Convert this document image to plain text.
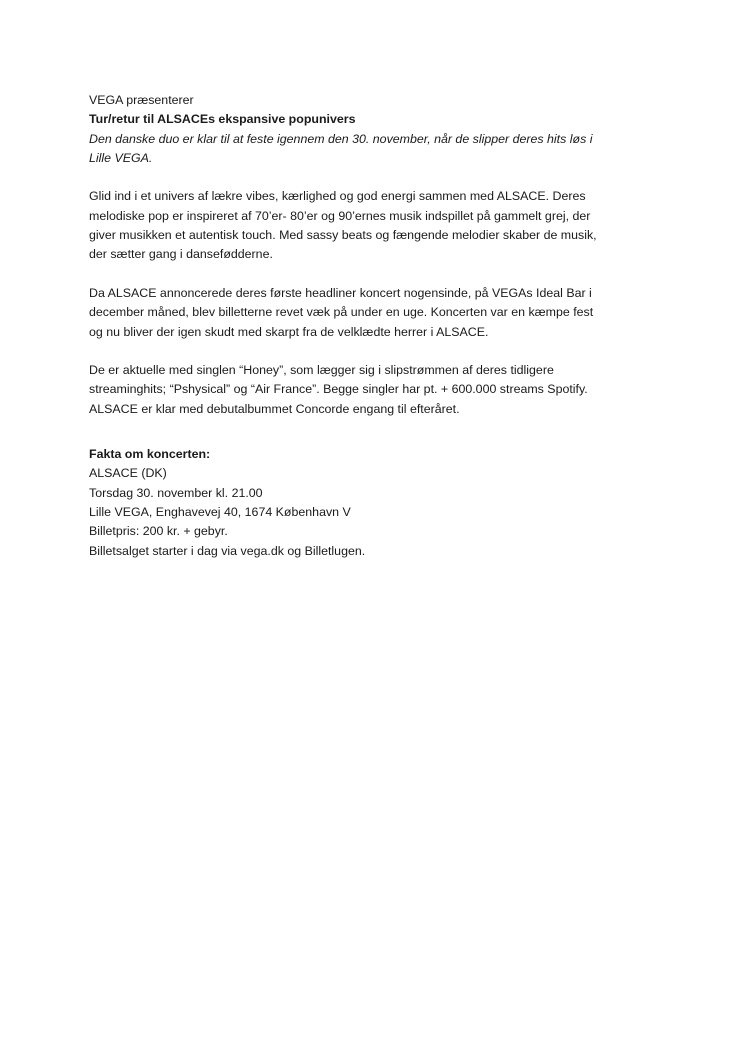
VEGA præsenterer
Tur/retur til ALSACEs ekspansive popunivers

Den danske duo er klar til at feste igennem den 30. november, når de slipper deres hits løs i
Lille VEGA.

Glid ind i et univers af lækre vibes, kærlighed og god energi sammen med ALSACE. Deres
melodiske pop er inspireret af 70’er- 80’er og 90’ernes musik indspillet på gammelt grej, der
giver musikken et autentisk touch. Med sassy beats og fængende melodier skaber de musik,
der sætter gang i dansefødderne.

Da ALSACE annoncerede deres første headliner koncert nogensinde, på VEGAs Ideal Bar i
december måned, blev billetterne revet væk på under en uge. Koncerten var en kæmpe fest
og nu bliver der igen skudt med skarpt fra de velklædte herrer i ALSACE.

De er aktuelle med singlen “Honey”, som lægger sig i slipstrømmen af deres tidligere
streaminghits; “Pshysical” og “Air France”. Begge singler har pt. + 600.000 streams Spotify.
ALSACE er klar med debutalbummet Concorde engang til efteråret.

Fakta om koncerten:
ALSACE (DK)
Torsdag 30. november kl. 21.00
Lille VEGA, Enghavevej 40, 1674 København V
Billetpris: 200 kr. + gebyr.
Billetsalget starter i dag via vega.dk og Billetlugen.
